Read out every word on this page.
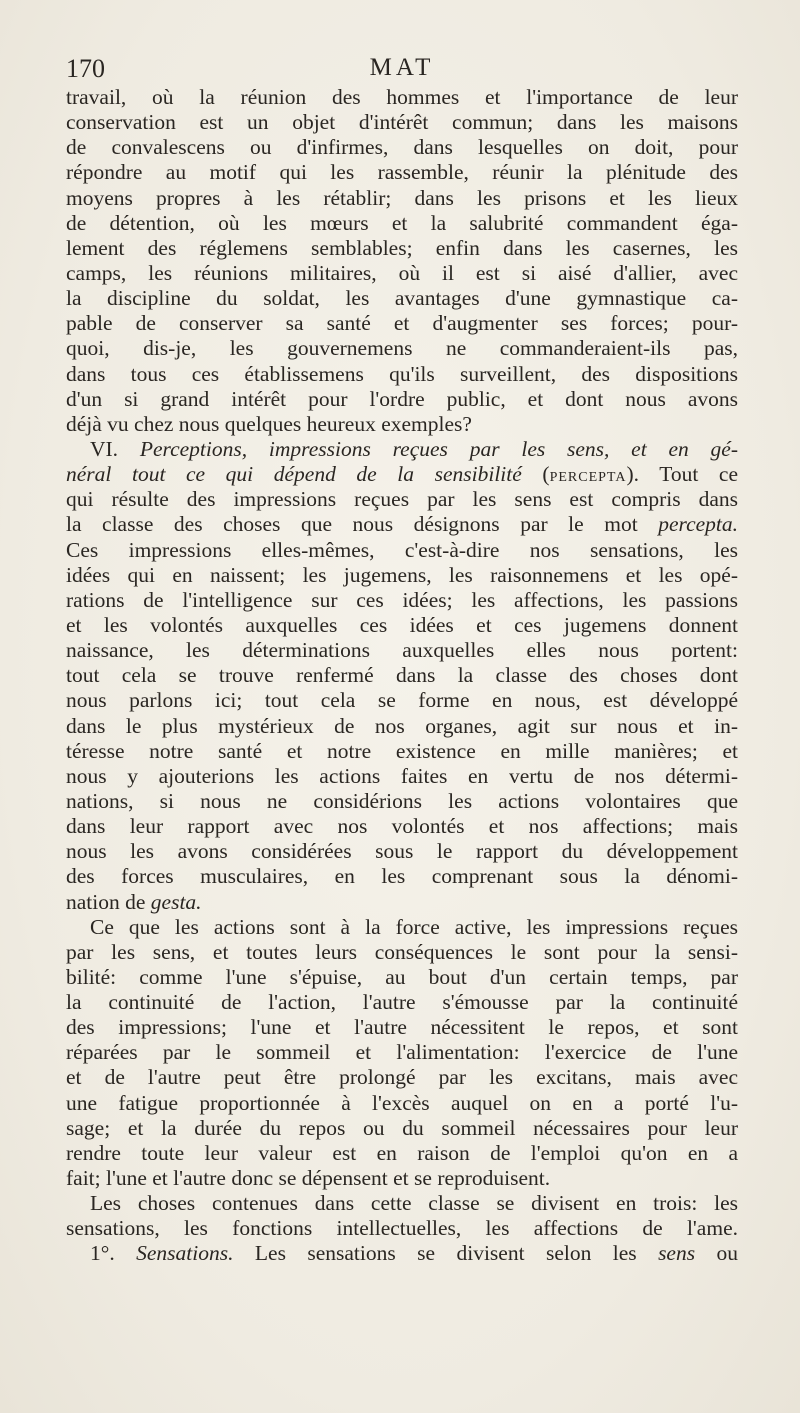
170	MAT
travail, où la réunion des hommes et l'importance de leur
conservation est un objet d'intérêt commun; dans les maisons
de convalescens ou d'infirmes, dans lesquelles on doit, pour
répondre au motif qui les rassemble, réunir la plénitude des
moyens propres à les rétablir; dans les prisons et les lieux
de détention, où les mœurs et la salubrité commandent éga-
lement des réglemens semblables; enfin dans les casernes, les
camps, les réunions militaires, où il est si aisé d'allier, avec
la discipline du soldat, les avantages d'une gymnastique ca-
pable de conserver sa santé et d'augmenter ses forces; pour-
quoi, dis-je, les gouvernemens ne commanderaient-ils pas,
dans tous ces établissemens qu'ils surveillent, des dispositions
d'un si grand intérêt pour l'ordre public, et dont nous avons
déjà vu chez nous quelques heureux exemples?
VI. Perceptions, impressions reçues par les sens, et en gé-
néral tout ce qui dépend de la sensibilité (PERCEPTA). Tout ce
qui résulte des impressions reçues par les sens est compris dans
la classe des choses que nous désignons par le mot percepta.
Ces impressions elles-mêmes, c'est-à-dire nos sensations, les
idées qui en naissent; les jugemens, les raisonnemens et les opé-
rations de l'intelligence sur ces idées; les affections, les passions
et les volontés auxquelles ces idées et ces jugemens donnent
naissance, les déterminations auxquelles elles nous portent:
tout cela se trouve renfermé dans la classe des choses dont
nous parlons ici; tout cela se forme en nous, est développé
dans le plus mystérieux de nos organes, agit sur nous et in-
téresse notre santé et notre existence en mille manières; et
nous y ajouterions les actions faites en vertu de nos détermi-
nations, si nous ne considérions les actions volontaires que
dans leur rapport avec nos volontés et nos affections; mais
nous les avons considérées sous le rapport du développement
des forces musculaires, en les comprenant sous la dénomi-
nation de gesta.
Ce que les actions sont à la force active, les impressions reçues
par les sens, et toutes leurs conséquences le sont pour la sensi-
bilité: comme l'une s'épuise, au bout d'un certain temps, par
la continuité de l'action, l'autre s'émousse par la continuité
des impressions; l'une et l'autre nécessitent le repos, et sont
réparées par le sommeil et l'alimentation: l'exercice de l'une
et de l'autre peut être prolongé par les excitans, mais avec
une fatigue proportionnée à l'excès auquel on en a porté l'u-
sage; et la durée du repos ou du sommeil nécessaires pour leur
rendre toute leur valeur est en raison de l'emploi qu'on en a
fait; l'une et l'autre donc se dépensent et se reproduisent.
Les choses contenues dans cette classe se divisent en trois: les
sensations, les fonctions intellectuelles, les affections de l'ame.
1°. Sensations. Les sensations se divisent selon les sens ou
